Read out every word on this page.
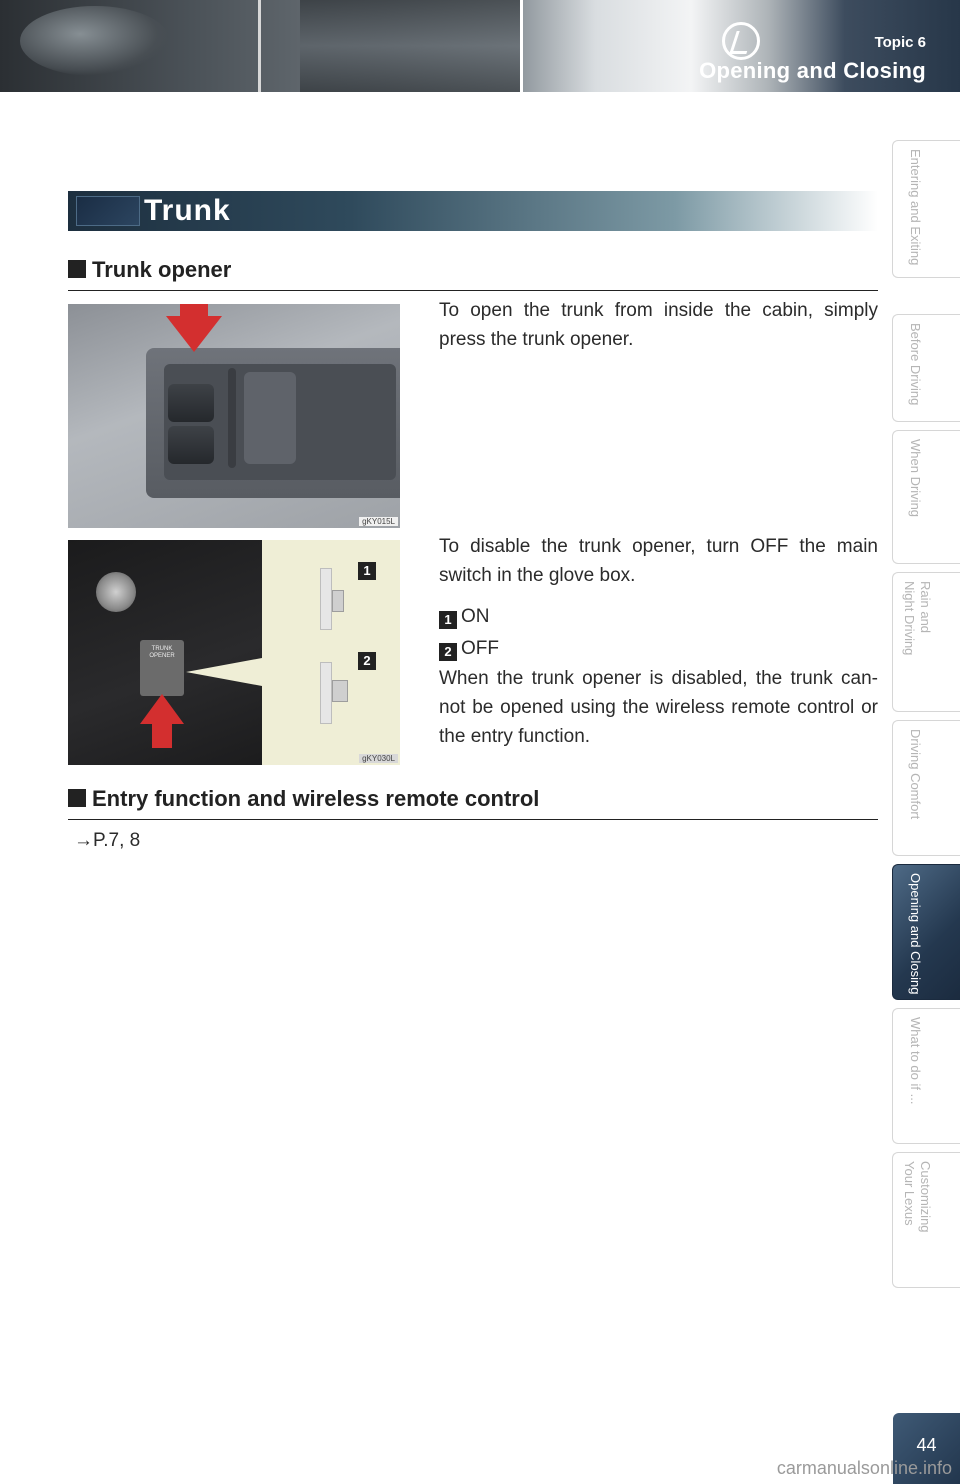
Topic 6
Opening and Closing
Entering and Exiting
Before Driving
When Driving
Rain and
Night Driving
Driving Comfort
Opening and Closing
What to do if ...
Customizing
Your Lexus
Trunk
Trunk opener
gKY015L
TRUNK OPENER
1
2
gKY030L
To open the trunk from inside the cabin, simply press the trunk opener.
To disable the trunk opener, turn OFF the main switch in the glove box.
1 ON
2 OFF
When the trunk opener is disabled, the trunk can-not be opened using the wireless remote control or the entry function.
Entry function and wireless remote control
→P.7, 8
44
carmanualsonline.info
